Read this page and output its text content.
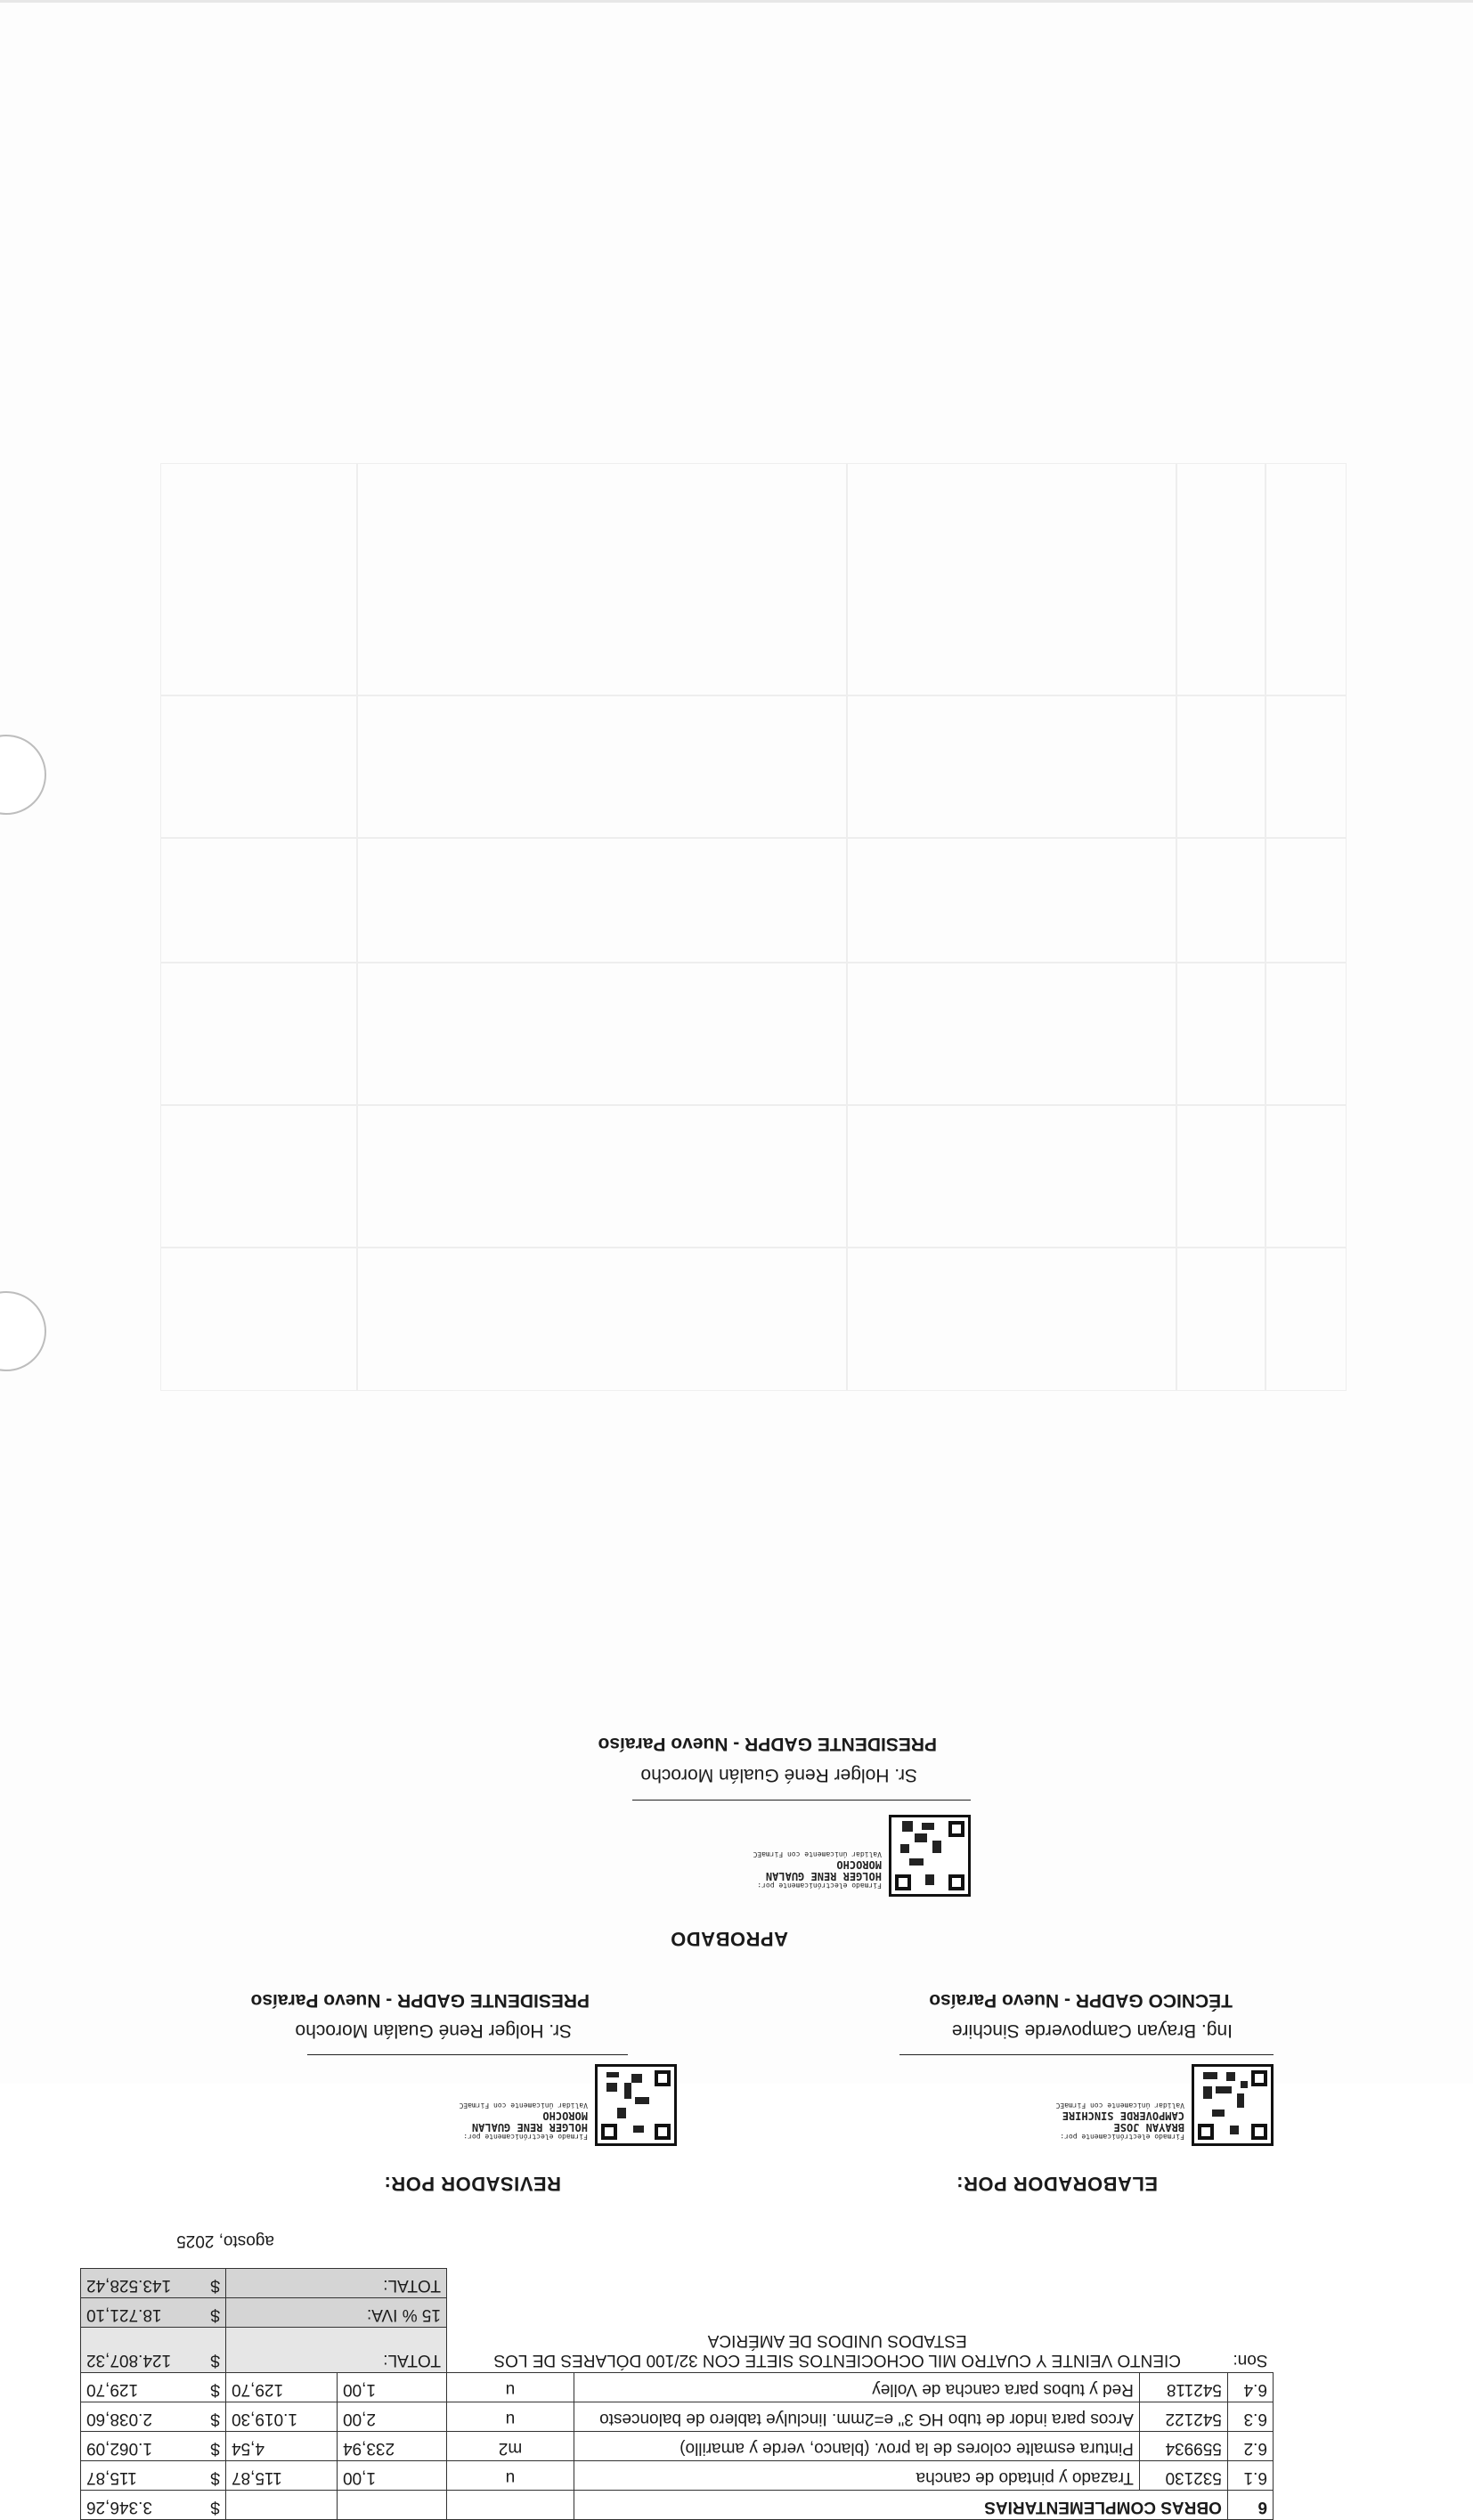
6	OBRAS COMPLEMENTARIAS					$	3.346,26
6.1	532130	Trazado y pintado de cancha	u	1,00	115,87	$	115,87
6.2	559934	Pintura esmalte colores de la prov. (blanco, verde y amarillo)	m2	233,94	4,54	$	1.062,09
6.3	542122	Arcos para indor de tubo HG 3" e=2mm. Iinclulye tablero de baloncesto	u	2,00	1.019,30	$	2.038,60
6.4	542118	Red y tubos para cancha de Volley	u	1,00	129,70	$	129,70
Son:	CIENTO VEINTE Y CUATRO MIL OCHOCIENTOS SIETE CON 32/100 DÓLARES DE LOS ESTADOS UNIDOS DE AMÉRICA			TOTAL:		$	124.807,32
				15 % IVA:		$	18.721,10
				TOTAL:		$	143.528,42
agosto, 2025
ELABORADOR POR:
REVISADOR POR:
Firmado electrónicamente por:
BRAYAN JOSE
CAMPOVERDE SINCHIRE
Validar únicamente con FirmaEC
Ing. Brayan Campoverde Sinchire
TÉCNICO GADPR - Nuevo Paraíso
Firmado electrónicamente por:
HOLGER RENE GUALAN
MOROCHO
Validar únicamente con FirmaEC
Sr. Holger René Gualán Morocho
PRESIDENTE GADPR - Nuevo Paraíso
APROBADO
Firmado electrónicamente por:
HOLGER RENE GUALAN
MOROCHO
Validar únicamente con FirmaEC
Sr. Holger René Gualán Morocho
PRESIDENTE GADPR - Nuevo Paraíso
